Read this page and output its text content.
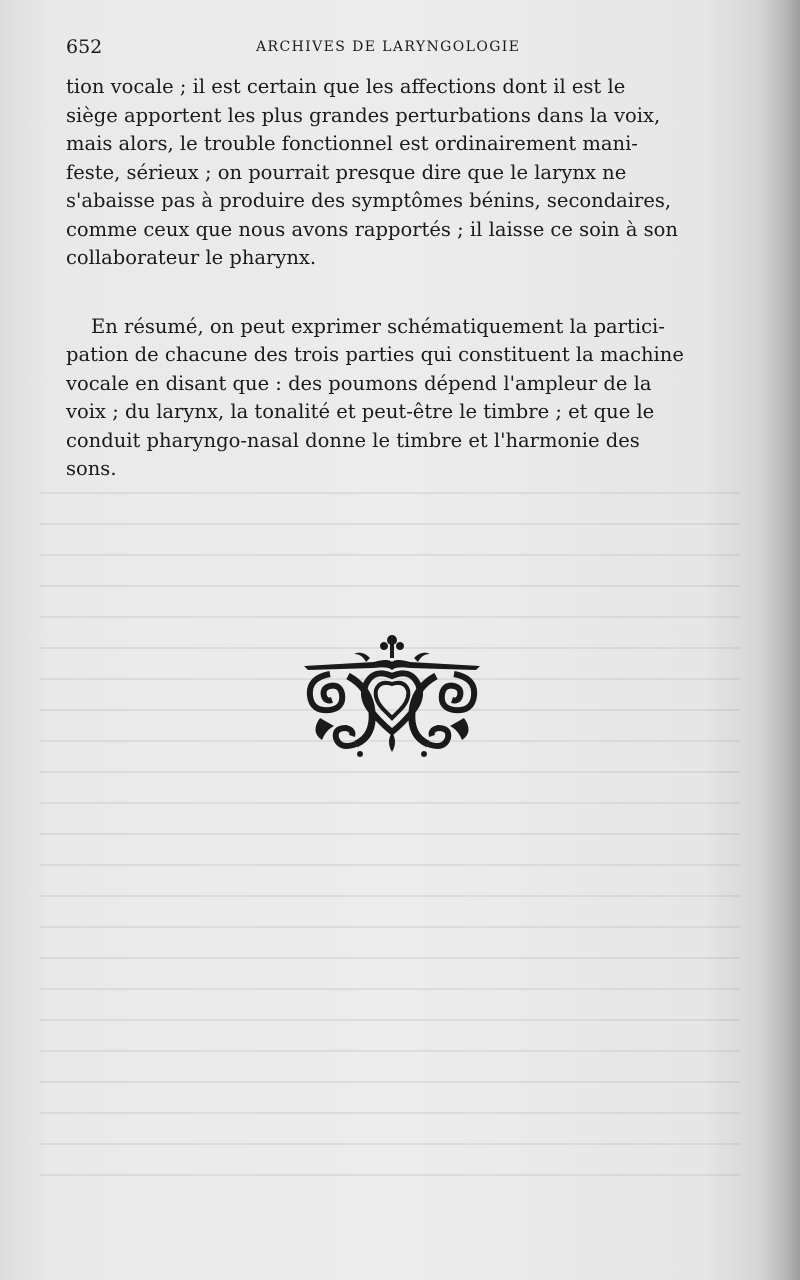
652	ARCHIVES DE LARYNGOLOGIE

tion vocale ; il est certain que les affections dont il est le
siège apportent les plus grandes perturbations dans la voix,
mais alors, le trouble fonctionnel est ordinairement mani-
feste, sérieux ; on pourrait presque dire que le larynx ne
s'abaisse pas à produire des symptômes bénins, secondaires,
comme ceux que nous avons rapportés ; il laisse ce soin à son
collaborateur le pharynx.

En résumé, on peut exprimer schématiquement la partici-
pation de chacune des trois parties qui constituent la machine
vocale en disant que : des poumons dépend l'ampleur de la
voix ; du larynx, la tonalité et peut-être le timbre ; et que le
conduit pharyngo-nasal donne le timbre et l'harmonie des
sons.
